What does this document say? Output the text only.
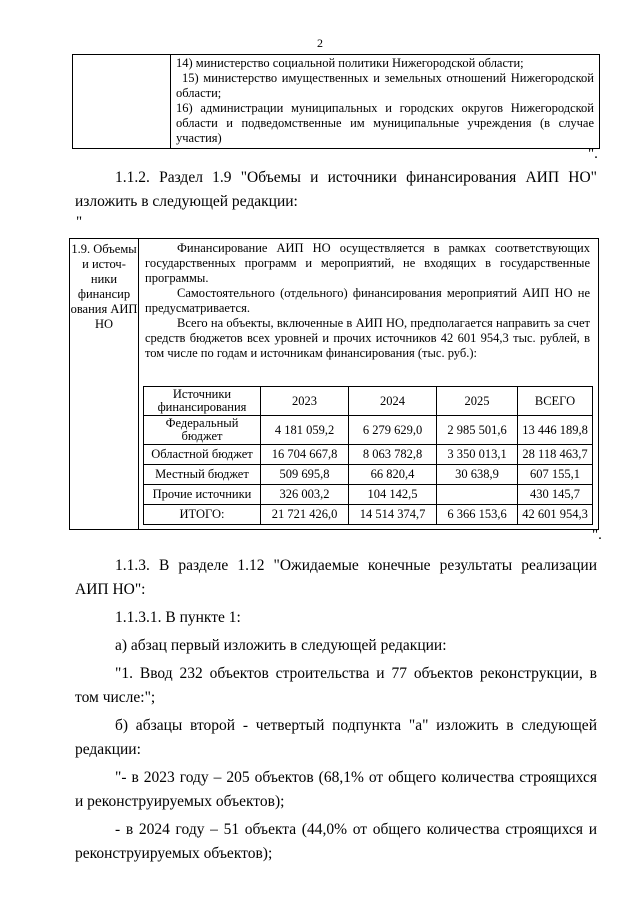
2

14) министерство социальной политики Нижегородской области;

15) министерство имущественных и земельных отношений Нижегородской области;

16) администрации муниципальных и городских округов Нижегородской области и подведомственные им муниципальные учреждения (в случае участия)

".

1.1.2. Раздел 1.9 "Объемы и источники финансирования АИП НО" изложить в следующей редакции:

"
1.9. Объемы и источ-ники финансир ования АИП НО

Финансирование АИП НО осуществляется в рамках соответствующих государственных программ и мероприятий, не входящих в государственные программы.

Самостоятельного (отдельного) финансирования мероприятий АИП НО не предусматривается.

Всего на объекты, включенные в АИП НО, предполагается направить за счет средств бюджетов всех уровней и прочих источников 42 601 954,3 тыс. рублей, в том числе по годам и источникам финансирования (тыс. руб.):

Источники финансирования	2023	2024	2025	ВСЕГО
Федеральный бюджет	4 181 059,2	6 279 629,0	2 985 501,6	13 446 189,8
Областной бюджет	16 704 667,8	8 063 782,8	3 350 013,1	28 118 463,7
Местный бюджет	509 695,8	66 820,4	30 638,9	607 155,1
Прочие источники	326 003,2	104 142,5		430 145,7
ИТОГО:	21 721 426,0	14 514 374,7	6 366 153,6	42 601 954,3
".

1.1.3. В разделе 1.12 "Ожидаемые конечные результаты реализации АИП НО":

1.1.3.1. В пункте 1:

а) абзац первый изложить в следующей редакции:

"1. Ввод 232 объектов строительства и 77 объектов реконструкции, в том числе:";

б) абзацы второй - четвертый подпункта "а" изложить в следующей редакции:

"- в 2023 году – 205 объектов (68,1% от общего количества строящихся и реконструируемых объектов);

- в 2024 году – 51 объекта (44,0% от общего количества строящихся и реконструируемых объектов);
